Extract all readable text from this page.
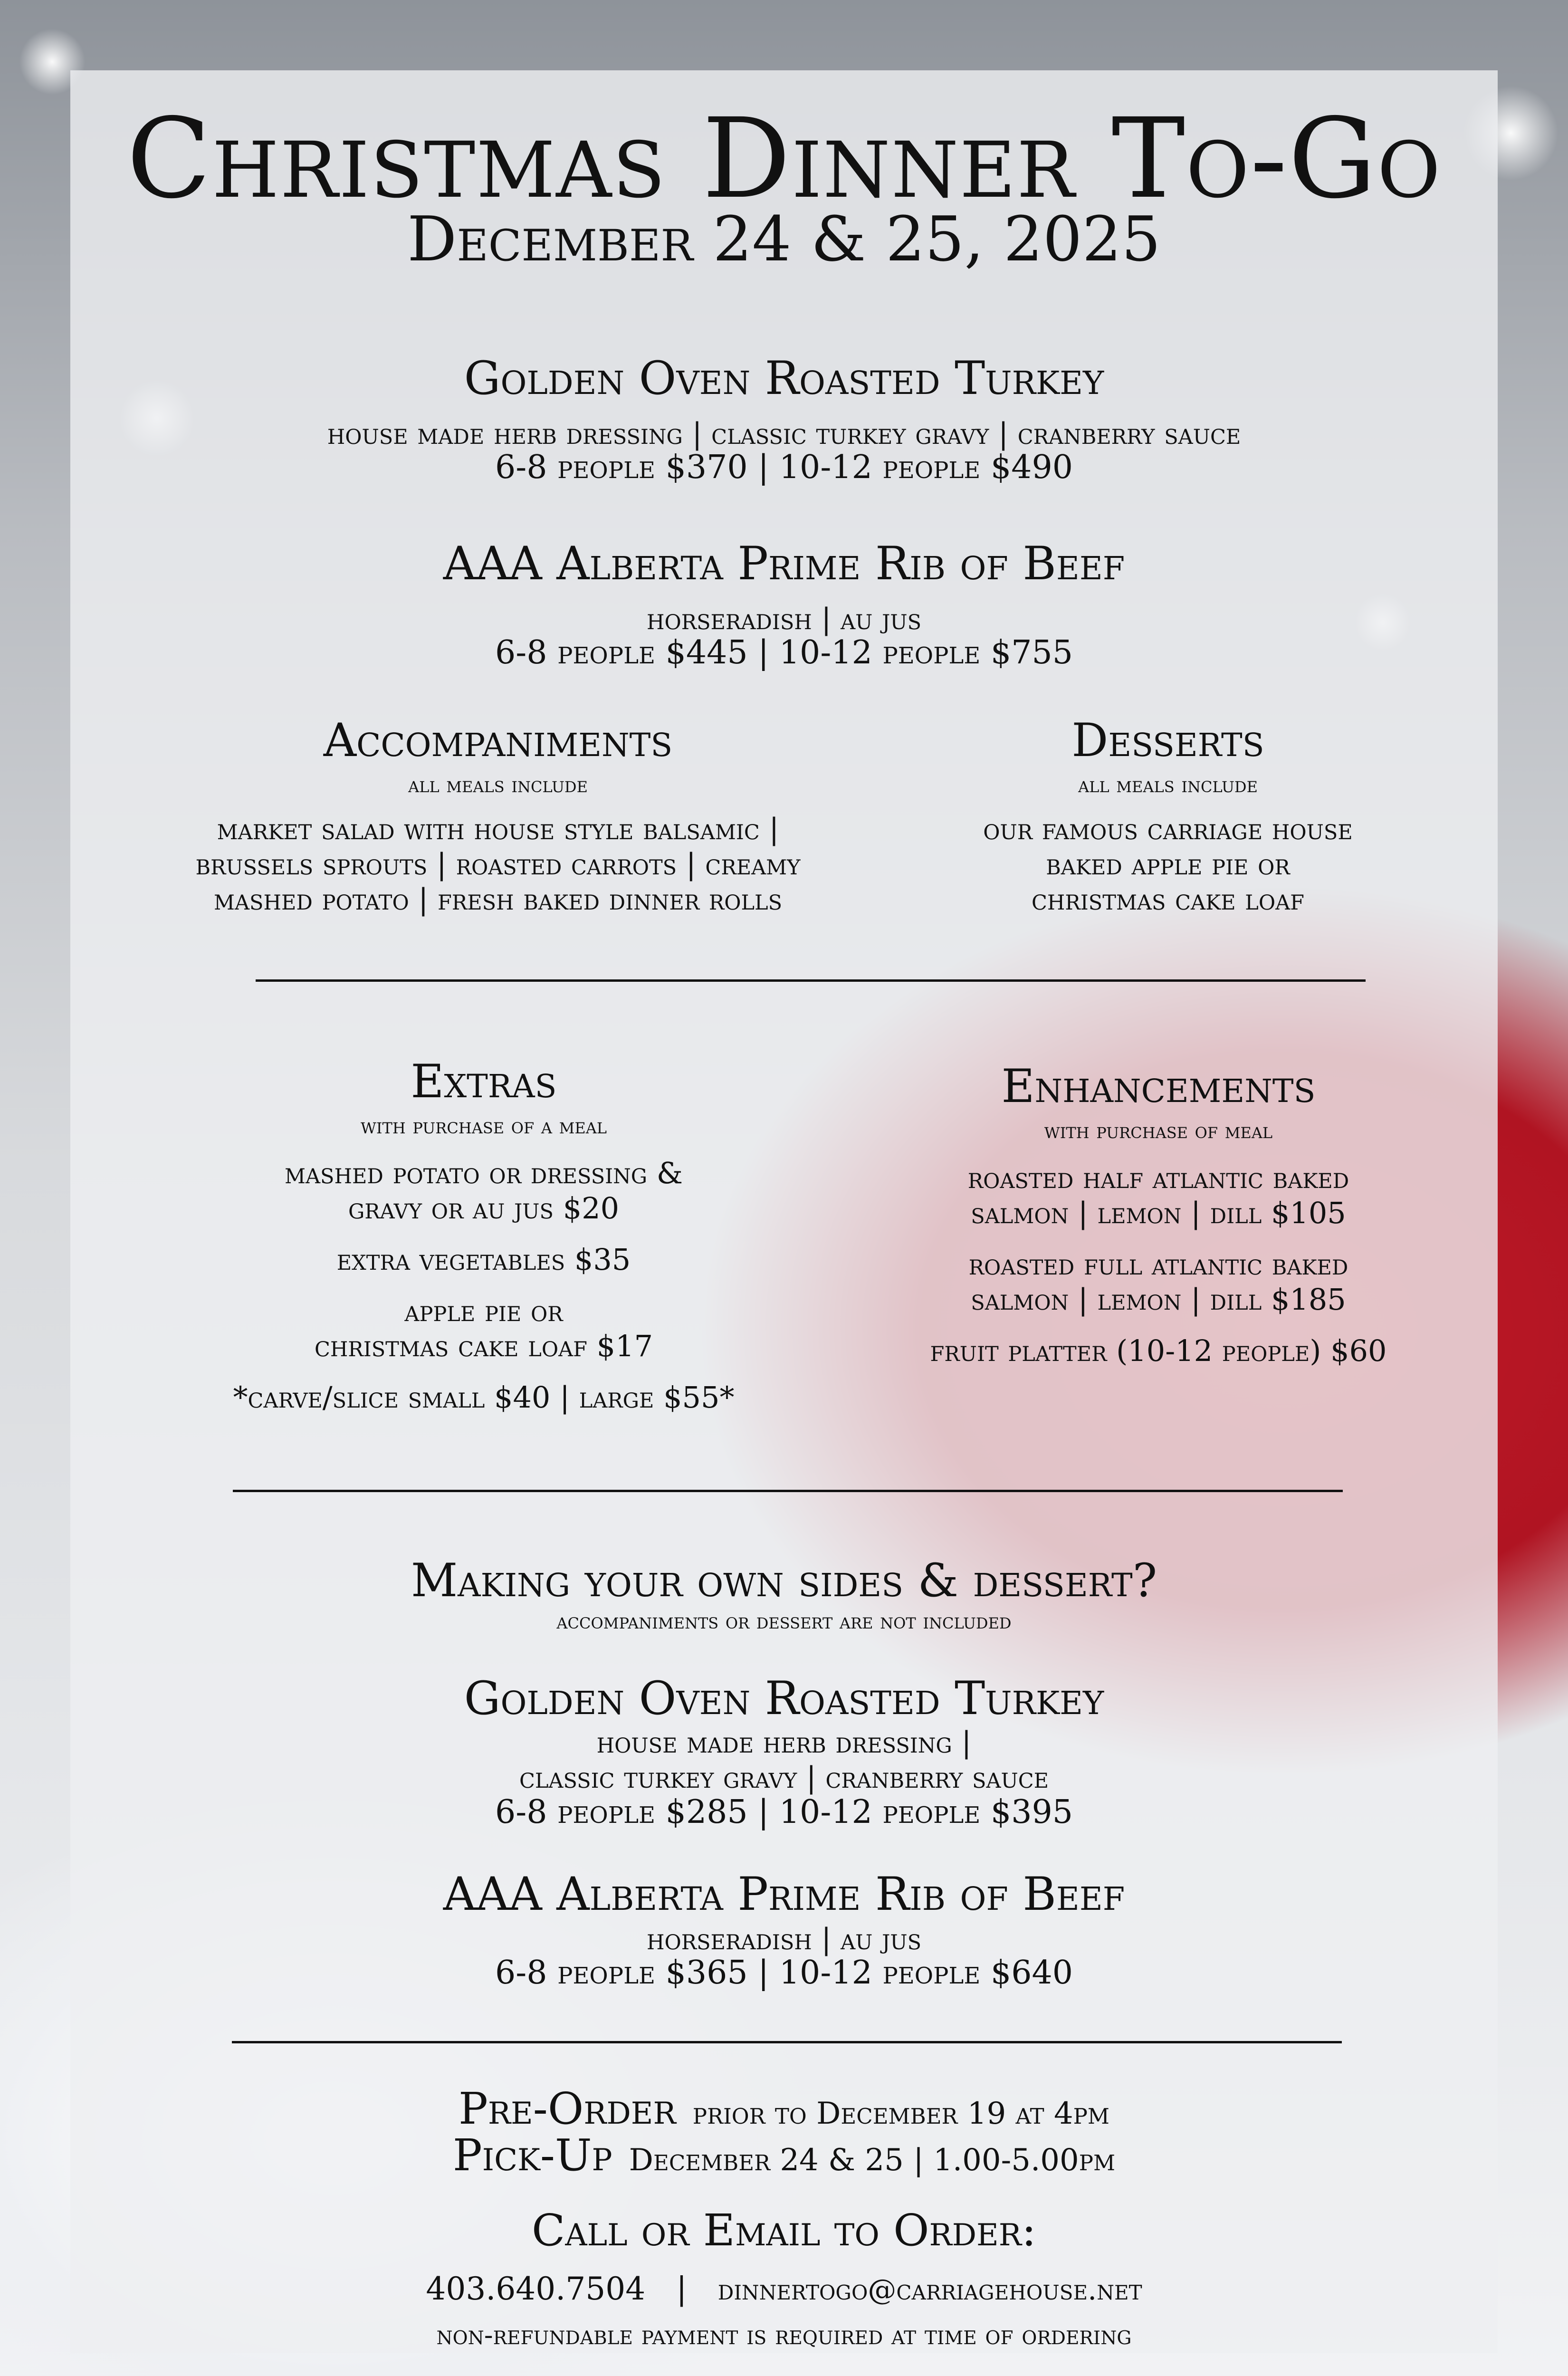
Christmas Dinner To-Go
December 24 & 25, 2025
Golden Oven Roasted Turkey
house made herb dressing | classic turkey gravy | cranberry sauce
6-8 people $370 | 10-12 people $490
AAA Alberta Prime Rib of Beef
horseradish | au jus
6-8 people $445 | 10-12 people $755
Accompaniments
all meals include
market salad with house style balsamic |
brussels sprouts | roasted carrots | creamy
mashed potato | fresh baked dinner rolls
Desserts
all meals include
our famous carriage house
baked apple pie or
christmas cake loaf
Extras
with purchase of a meal
mashed potato or dressing &
gravy or au jus $20
extra vegetables $35
apple pie or
christmas cake loaf $17
*carve/slice small $40 | large $55*
Enhancements
with purchase of meal
roasted half atlantic baked
salmon | lemon | dill $105
roasted full atlantic baked
salmon | lemon | dill $185
fruit platter (10-12 people) $60
Making your own sides & dessert?
accompaniments or dessert are not included
Golden Oven Roasted Turkey
house made herb dressing |
classic turkey gravy | cranberry sauce
6-8 people $285 | 10-12 people $395
AAA Alberta Prime Rib of Beef
horseradish | au jus
6-8 people $365 | 10-12 people $640
Pre-Order prior to December 19 at 4pm
Pick-Up December 24 & 25 | 1.00-5.00pm
Call or Email to Order:
403.640.7504 | dinnertogo@carriagehouse.net
non-refundable payment is required at time of ordering
